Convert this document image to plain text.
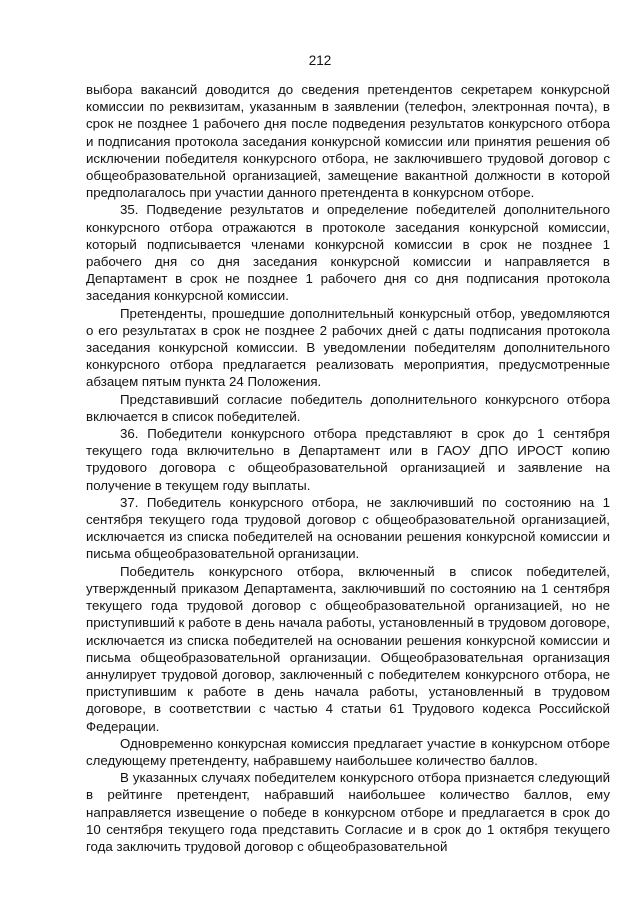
212

выбора вакансий доводится до сведения претендентов секретарем конкурсной комиссии по реквизитам, указанным в заявлении (телефон, электронная почта), в срок не позднее 1 рабочего дня после подведения результатов конкурсного отбора и подписания протокола заседания конкурсной комиссии или принятия решения об исключении победителя конкурсного отбора, не заключившего трудовой договор с общеобразовательной организацией, замещение вакантной должности в которой предполагалось при участии данного претендента в конкурсном отборе.

35. Подведение результатов и определение победителей дополнительного конкурсного отбора отражаются в протоколе заседания конкурсной комиссии, который подписывается членами конкурсной комиссии в срок не позднее 1 рабочего дня со дня заседания конкурсной комиссии и направляется в Департамент в срок не позднее 1 рабочего дня со дня подписания протокола заседания конкурсной комиссии.

Претенденты, прошедшие дополнительный конкурсный отбор, уведомляются о его результатах в срок не позднее 2 рабочих дней с даты подписания протокола заседания конкурсной комиссии. В уведомлении победителям дополнительного конкурсного отбора предлагается реализовать мероприятия, предусмотренные абзацем пятым пункта 24 Положения.

Представивший согласие победитель дополнительного конкурсного отбора включается в список победителей.

36. Победители конкурсного отбора представляют в срок до 1 сентября текущего года включительно в Департамент или в ГАОУ ДПО ИРОСТ копию трудового договора с общеобразовательной организацией и заявление на получение в текущем году выплаты.

37. Победитель конкурсного отбора, не заключивший по состоянию на 1 сентября текущего года трудовой договор с общеобразовательной организацией, исключается из списка победителей на основании решения конкурсной комиссии и письма общеобразовательной организации.

Победитель конкурсного отбора, включенный в список победителей, утвержденный приказом Департамента, заключивший по состоянию на 1 сентября текущего года трудовой договор с общеобразовательной организацией, но не приступивший к работе в день начала работы, установленный в трудовом договоре, исключается из списка победителей на основании решения конкурсной комиссии и письма общеобразовательной организации. Общеобразовательная организация аннулирует трудовой договор, заключенный с победителем конкурсного отбора, не приступившим к работе в день начала работы, установленный в трудовом договоре, в соответствии с частью 4 статьи 61 Трудового кодекса Российской Федерации.

Одновременно конкурсная комиссия предлагает участие в конкурсном отборе следующему претенденту, набравшему наибольшее количество баллов.

В указанных случаях победителем конкурсного отбора признается следующий в рейтинге претендент, набравший наибольшее количество баллов, ему направляется извещение о победе в конкурсном отборе и предлагается в срок до 10 сентября текущего года представить Согласие и в срок до 1 октября текущего года заключить трудовой договор с общеобразовательной
